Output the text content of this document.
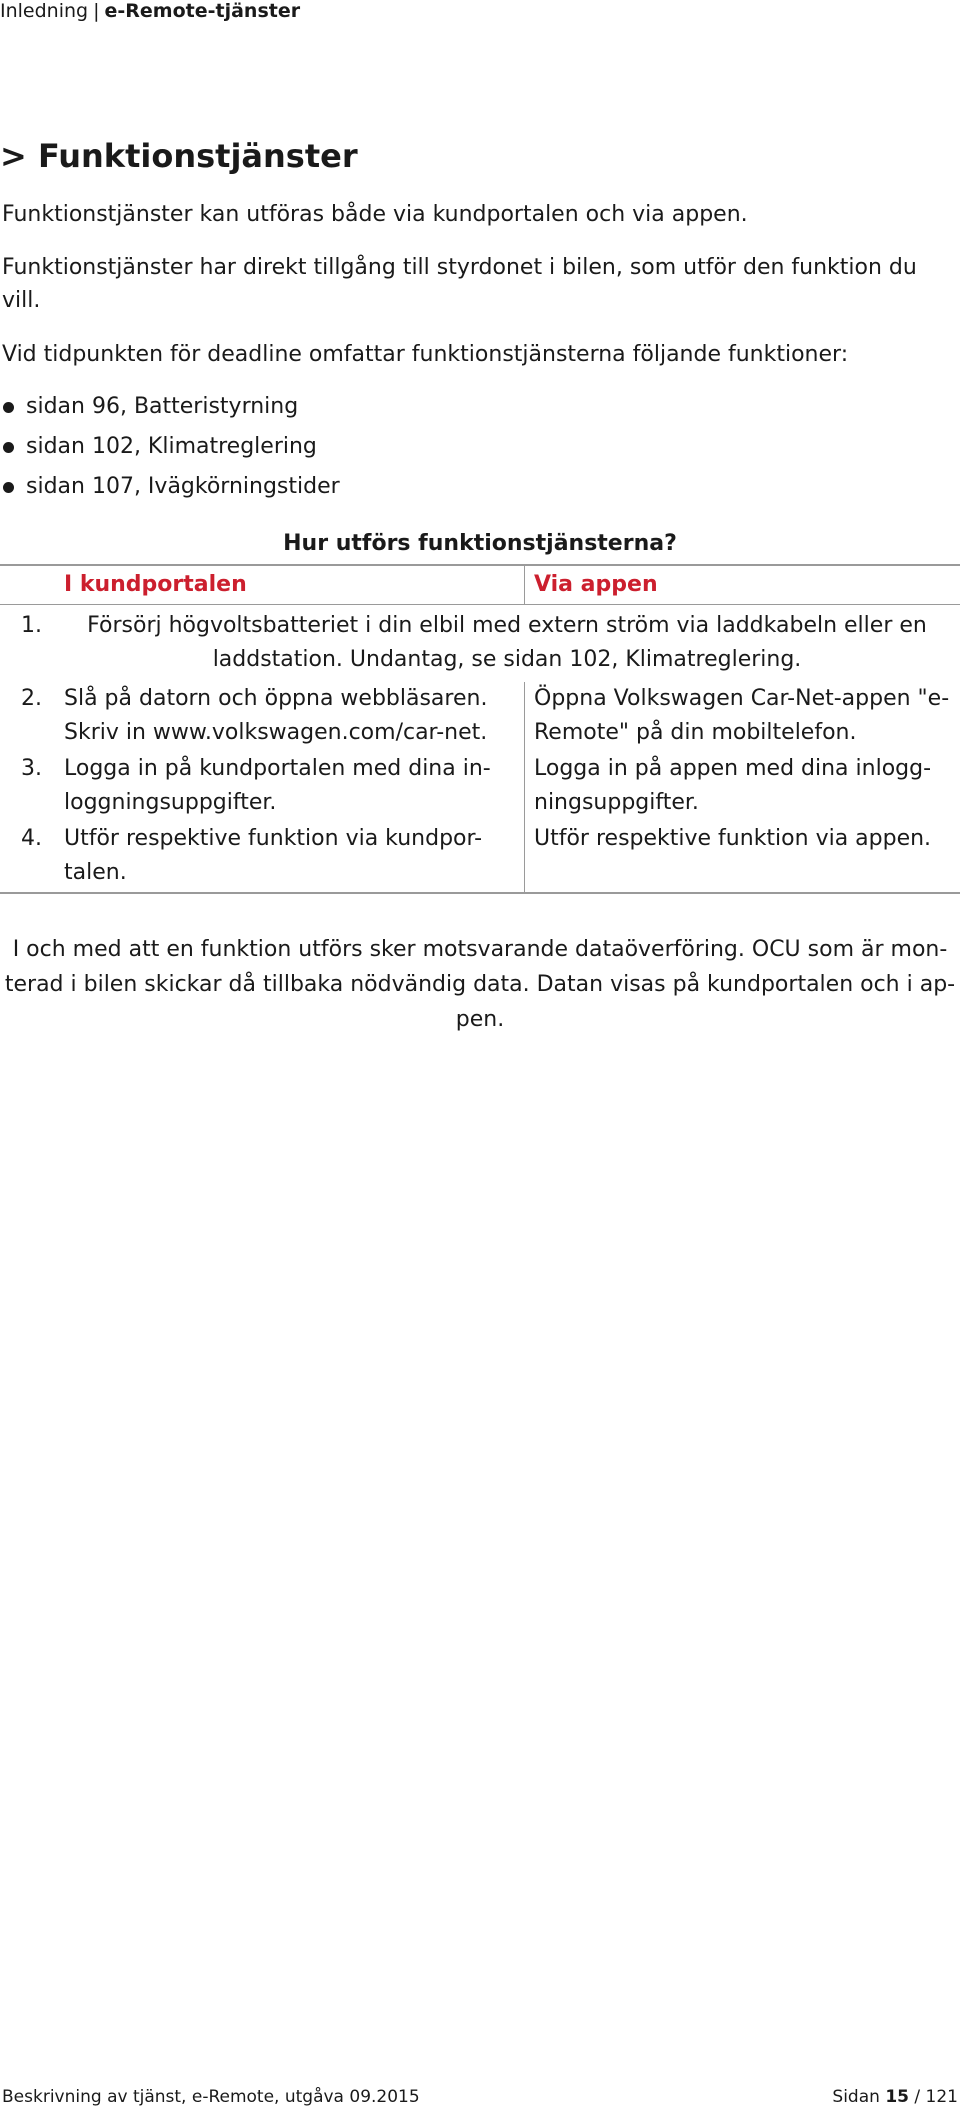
Inledning | e-Remote-tjänster
> Funktionstjänster

Funktionstjänster kan utföras både via kundportalen och via appen.

Funktionstjänster har direkt tillgång till styrdonet i bilen, som utför den funktion du vill.

Vid tidpunkten för deadline omfattar funktionstjänsterna följande funktioner:

sidan 96, Batteristyrning
sidan 102, Klimatreglering
sidan 107, Ivägkörningstider
Hur utförs funktionstjänsterna?		
	I kundportalen	Via appen
1.	Försörj högvoltsbatteriet i din elbil med extern ström via laddkabeln eller en laddstation. Undantag, se sidan 102, Klimatreglering.	
2.	Slå på datorn och öppna webbläsaren. Skriv in www.volkswagen.com/car-net.	Öppna Volkswagen Car-Net-appen "e-Remote" på din mobiltelefon.
3.	Logga in på kundportalen med dina in-loggningsuppgifter.	Logga in på appen med dina inlogg-ningsuppgifter.
4.	Utför respektive funktion via kundpor-talen.	Utför respektive funktion via appen.
I och med att en funktion utförs sker motsvarande dataöverföring. OCU som är mon-terad i bilen skickar då tillbaka nödvändig data. Datan visas på kundportalen och i ap-pen.
Beskrivning av tjänst, e-Remote, utgåva 09.2015	Sidan 15 / 121
